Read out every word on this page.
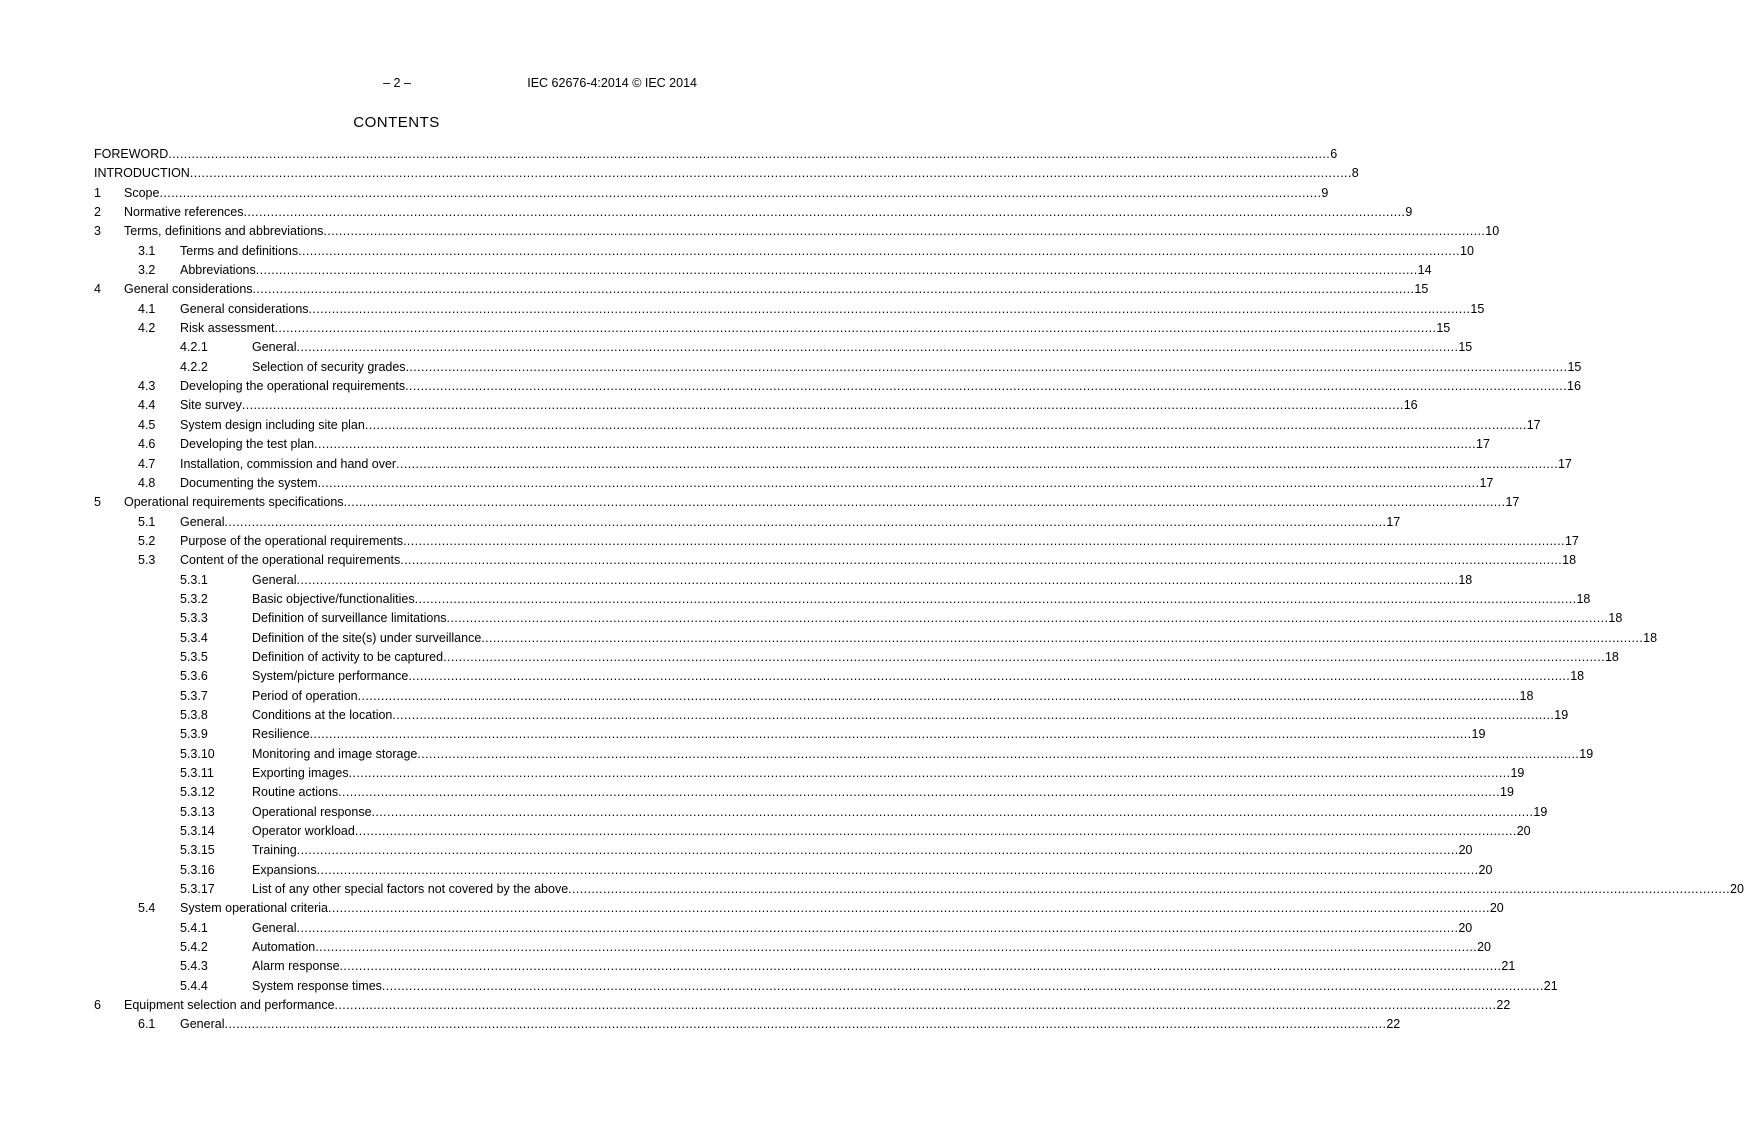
– 2 –	IEC 62676-4:2014 © IEC 2014
CONTENTS
FOREWORD ............................................................................................................................................................................................................................................................................................................ 6
INTRODUCTION ............................................................................................................................................................................................................................................................................................................ 8
1 Scope ............................................................................................................................................................................................................................................................................................................ 9
2 Normative references ............................................................................................................................................................................................................................................................................................................ 9
3 Terms, definitions and abbreviations ............................................................................................................................................................................................................................................................................................................ 10
3.1 Terms and definitions ............................................................................................................................................................................................................................................................................................................ 10
3.2 Abbreviations ............................................................................................................................................................................................................................................................................................................ 14
4 General considerations ............................................................................................................................................................................................................................................................................................................ 15
4.1 General considerations ............................................................................................................................................................................................................................................................................................................ 15
4.2 Risk assessment ............................................................................................................................................................................................................................................................................................................ 15
4.2.1	General ............................................................................................................................................................................................................................................................................................................ 15
4.2.2	Selection of security grades ............................................................................................................................................................................................................................................................................................................ 15
4.3 Developing the operational requirements ............................................................................................................................................................................................................................................................................................................ 16
4.4 Site survey ............................................................................................................................................................................................................................................................................................................ 16
4.5 System design including site plan ............................................................................................................................................................................................................................................................................................................ 17
4.6 Developing the test plan ............................................................................................................................................................................................................................................................................................................ 17
4.7 Installation, commission and hand over ............................................................................................................................................................................................................................................................................................................ 17
4.8 Documenting the system ............................................................................................................................................................................................................................................................................................................ 17
5 Operational requirements specifications ............................................................................................................................................................................................................................................................................................................ 17
5.1 General ............................................................................................................................................................................................................................................................................................................ 17
5.2 Purpose of the operational requirements ............................................................................................................................................................................................................................................................................................................ 17
5.3 Content of the operational requirements ............................................................................................................................................................................................................................................................................................................ 18
5.3.1	General ............................................................................................................................................................................................................................................................................................................ 18
5.3.2	Basic objective/functionalities ............................................................................................................................................................................................................................................................................................................ 18
5.3.3	Definition of surveillance limitations ............................................................................................................................................................................................................................................................................................................ 18
5.3.4	Definition of the site(s) under surveillance ............................................................................................................................................................................................................................................................................................................ 18
5.3.5	Definition of activity to be captured ............................................................................................................................................................................................................................................................................................................ 18
5.3.6	System/picture performance ............................................................................................................................................................................................................................................................................................................ 18
5.3.7	Period of operation ............................................................................................................................................................................................................................................................................................................ 18
5.3.8	Conditions at the location ............................................................................................................................................................................................................................................................................................................ 19
5.3.9	Resilience ............................................................................................................................................................................................................................................................................................................ 19
5.3.10	Monitoring and image storage ............................................................................................................................................................................................................................................................................................................ 19
5.3.11	Exporting images ............................................................................................................................................................................................................................................................................................................ 19
5.3.12	Routine actions ............................................................................................................................................................................................................................................................................................................ 19
5.3.13	Operational response ............................................................................................................................................................................................................................................................................................................ 19
5.3.14	Operator workload ............................................................................................................................................................................................................................................................................................................ 20
5.3.15	Training ............................................................................................................................................................................................................................................................................................................ 20
5.3.16	Expansions ............................................................................................................................................................................................................................................................................................................ 20
5.3.17	List of any other special factors not covered by the above ............................................................................................................................................................................................................................................................................................................ 20
5.4 System operational criteria ............................................................................................................................................................................................................................................................................................................ 20
5.4.1	General ............................................................................................................................................................................................................................................................................................................ 20
5.4.2	Automation ............................................................................................................................................................................................................................................................................................................ 20
5.4.3	Alarm response ............................................................................................................................................................................................................................................................................................................ 21
5.4.4	System response times ............................................................................................................................................................................................................................................................................................................ 21
6 Equipment selection and performance ............................................................................................................................................................................................................................................................................................................ 22
6.1 General ............................................................................................................................................................................................................................................................................................................ 22
